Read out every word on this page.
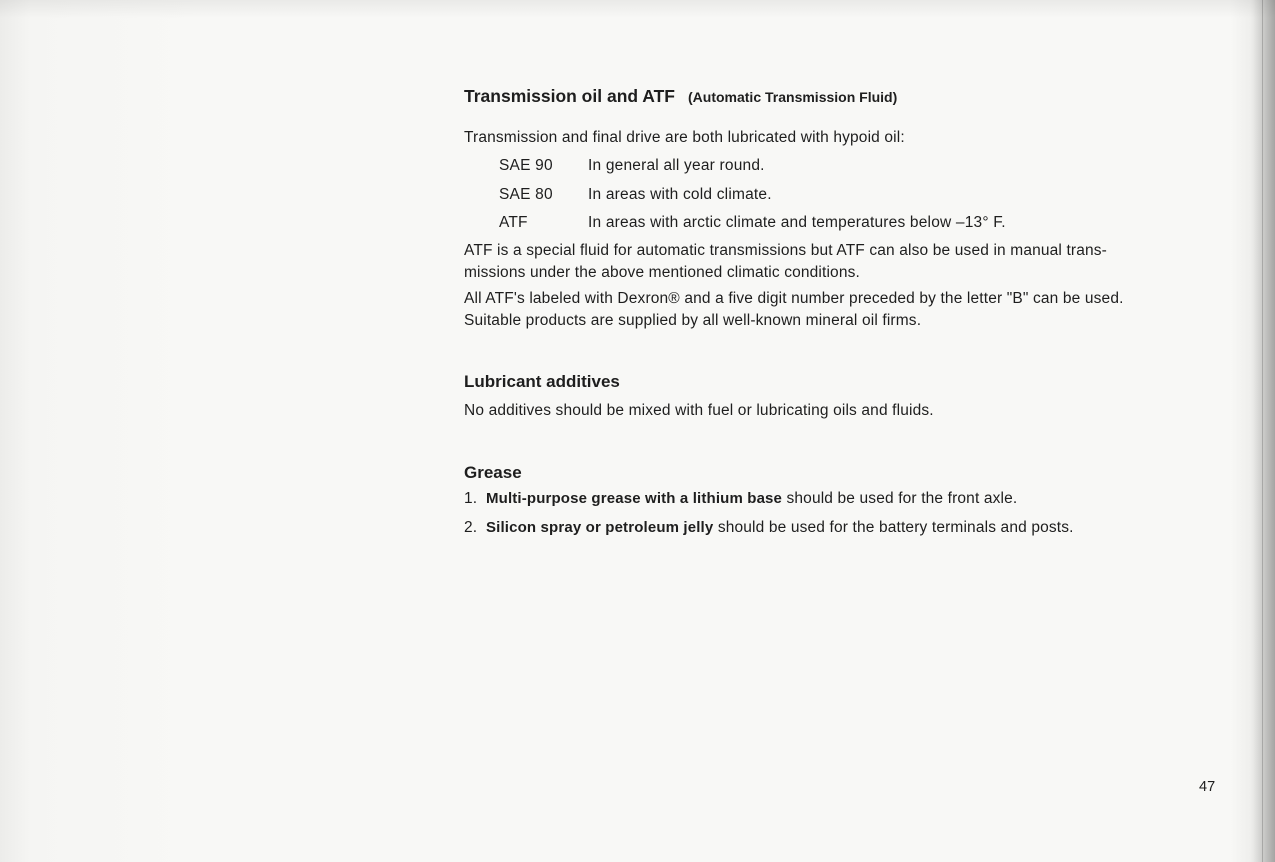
Transmission oil and ATF (Automatic Transmission Fluid)
Transmission and final drive are both lubricated with hypoid oil:
SAE 90 In general all year round.
SAE 80 In areas with cold climate.
ATF	In areas with arctic climate and temperatures below –13° F.
ATF is a special fluid for automatic transmissions but ATF can also be used in manual trans-
missions under the above mentioned climatic conditions.
All ATF's labeled with Dexron® and a five digit number preceded by the letter "B" can be used.
Suitable products are supplied by all well-known mineral oil firms.
Lubricant additives
No additives should be mixed with fuel or lubricating oils and fluids.
Grease
1. Multi-purpose grease with a lithium base should be used for the front axle.
2. Silicon spray or petroleum jelly should be used for the battery terminals and posts.
47
